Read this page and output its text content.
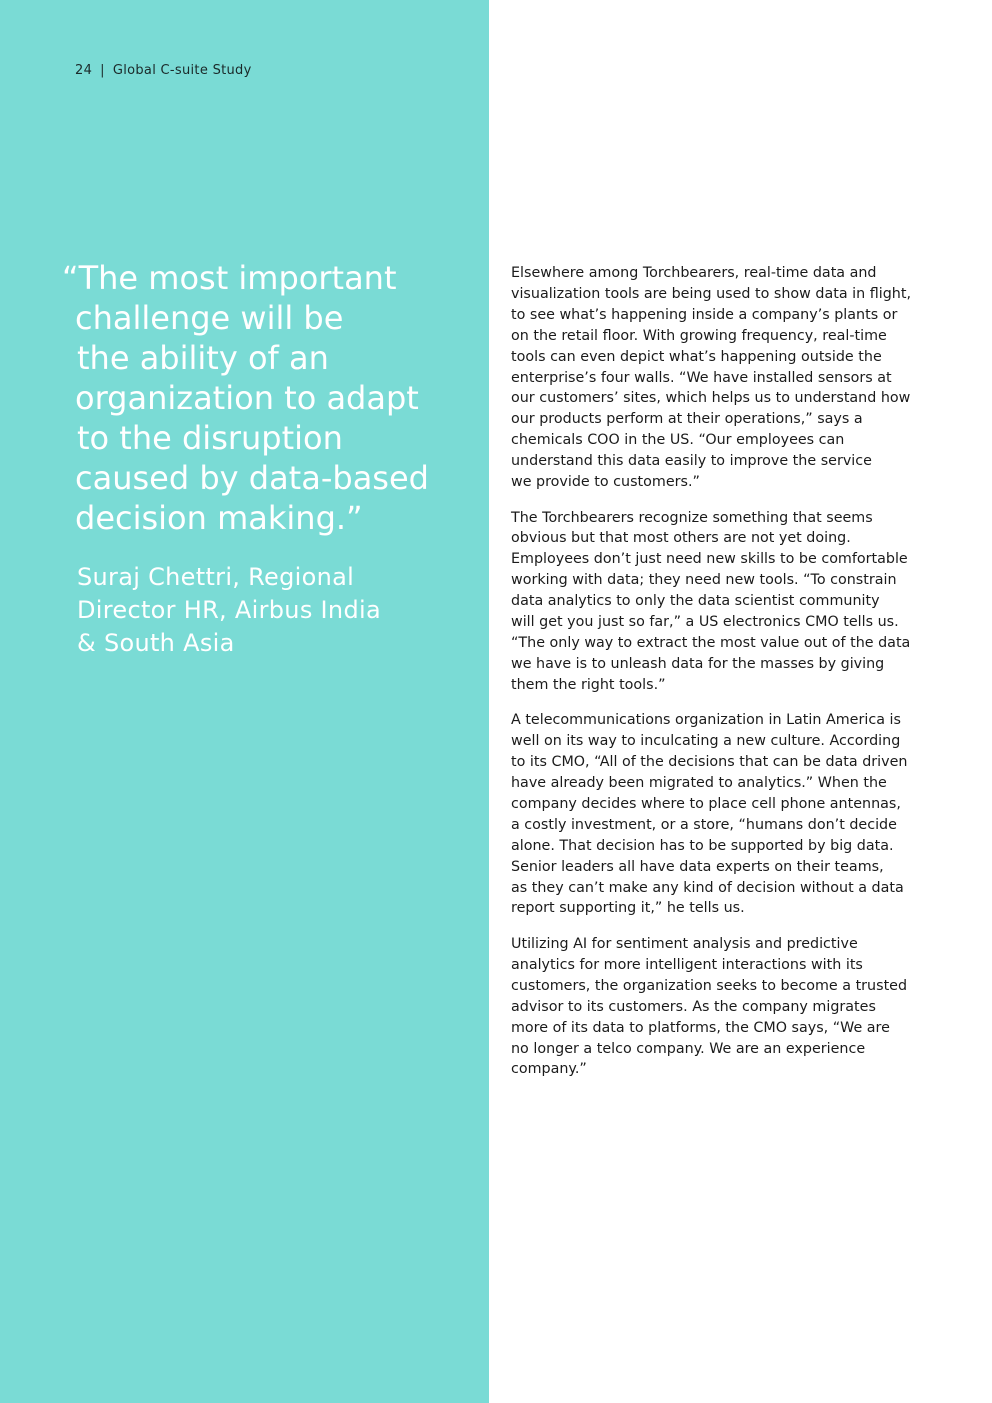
24 | Global C-suite Study
“The most important
challenge will be
the ability of an
organization to adapt
to the disruption
caused by data-based
decision making.”
Suraj Chettri, Regional
Director HR, Airbus India
& South Asia

Elsewhere among Torchbearers, real-time data and
visualization tools are being used to show data in flight,
to see what’s happening inside a company’s plants or
on the retail floor. With growing frequency, real-time
tools can even depict what’s happening outside the
enterprise’s four walls. “We have installed sensors at
our customers’ sites, which helps us to understand how
our products perform at their operations,” says a
chemicals COO in the US. “Our employees can
understand this data easily to improve the service
we provide to customers.”

The Torchbearers recognize something that seems
obvious but that most others are not yet doing.
Employees don’t just need new skills to be comfortable
working with data; they need new tools. “To constrain
data analytics to only the data scientist community
will get you just so far,” a US electronics CMO tells us.
“The only way to extract the most value out of the data
we have is to unleash data for the masses by giving
them the right tools.”

A telecommunications organization in Latin America is
well on its way to inculcating a new culture. According
to its CMO, “All of the decisions that can be data driven
have already been migrated to analytics.” When the
company decides where to place cell phone antennas,
a costly investment, or a store, “humans don’t decide
alone. That decision has to be supported by big data.
Senior leaders all have data experts on their teams,
as they can’t make any kind of decision without a data
report supporting it,” he tells us.

Utilizing AI for sentiment analysis and predictive
analytics for more intelligent interactions with its
customers, the organization seeks to become a trusted
advisor to its customers. As the company migrates
more of its data to platforms, the CMO says, “We are
no longer a telco company. We are an experience
company.”
